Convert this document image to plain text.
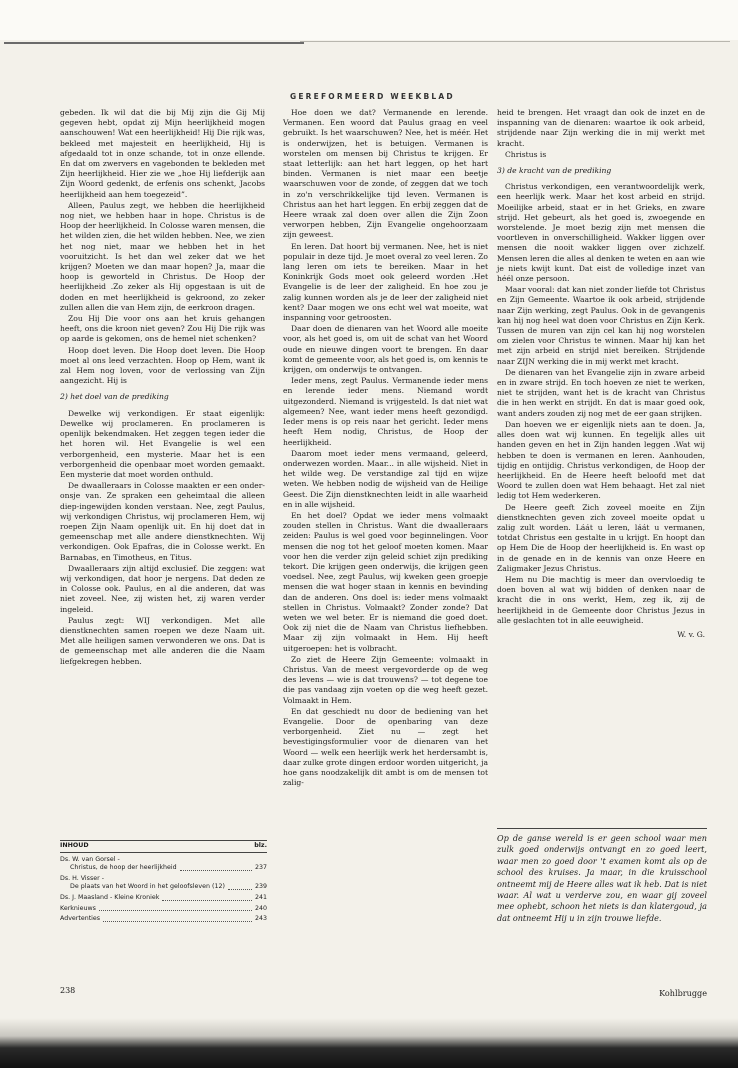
GEREFORMEERD WEEKBLAD

gebeden. Ik wil dat die bij Mij zijn die Gij Mij gegeven hebt, opdat zij Mijn heerlijkheid mogen aanschouwen! Wat een heerlijkheid! Hij Die rijk was, bekleed met majesteit en heerlijkheid, Hij is afgedaald tot in onze schande, tot in onze ellende. En dat om zwervers en vagebonden te bekleden met Zijn heerlijkheid. Hier zie we „hoe Hij liefderijk aan Zijn Woord gedenkt, de erfenis ons schenkt, Jacobs heerlijkheid aan hem toegezeid”.

Alleen, Paulus zegt, we hebben die heerlijkheid nog niet, we hebben haar in hope. Christus is de Hoop der heerlijkheid. In Colosse waren mensen, die het wilden zien, die het wilden hebben. Nee, we zien het nog niet, maar we hebben het in het vooruitzicht. Is het dan wel zeker dat we het krijgen? Moeten we dan maar hopen? Ja, maar die hoop is geworteld in Christus. De Hoop der heerlijkheid .Zo zeker als Hij opgestaan is uit de doden en met heerlijkheid is gekroond, zo zeker zullen allen die van Hem zijn, de eerkroon dragen.

Zou Hij Die voor ons aan het kruis gehangen heeft, ons die kroon niet geven? Zou Hij Die rijk was op aarde is gekomen, ons de hemel niet schenken?

Hoop doet leven. Die Hoop doet leven. Die Hoop moet al ons leed verzachten. Hoop op Hem, want ik zal Hem nog loven, voor de verlossing van Zijn aangezicht. Hij is

2) het doel van de prediking

Dewelke wij verkondigen. Er staat eigenlijk: Dewelke wij proclameren. En proclameren is openlijk bekendmaken. Het zeggen tegen ieder die het horen wil. Het Evangelie is wel een verborgenheid, een mysterie. Maar het is een verborgenheid die openbaar moet worden gemaakt. Een mysterie dat moet worden onthuld.

De dwaalleraars in Colosse maakten er een onder-onsje van. Ze spraken een geheimtaal die alleen diep-ingewijden konden verstaan. Nee, zegt Paulus, wij verkondigen Christus, wij proclameren Hem, wij roepen Zijn Naam openlijk uit. En hij doet dat in gemeenschap met alle andere dienstknechten. Wij verkondigen. Ook Epafras, die in Colosse werkt. En Barnabas, en Timotheus, en Titus.

Dwaalleraars zijn altijd exclusief. Die zeggen: wat wij verkondigen, dat hoor je nergens. Dat deden ze in Colosse ook. Paulus, en al die anderen, dat was niet zoveel. Nee, zij wisten het, zij waren verder ingeleid.

Paulus zegt: WIJ verkondigen. Met alle dienstknechten samen roepen we deze Naam uit. Met alle heiligen samen verwonderen we ons. Dat is de gemeenschap met alle anderen die die Naam liefgekregen hebben.

Hoe doen we dat? Vermanende en lerende. Vermanen. Een woord dat Paulus graag en veel gebruikt. Is het waarschuwen? Nee, het is méér. Het is onderwijzen, het is betuigen. Vermanen is worstelen om mensen bij Christus te krijgen. Er staat letterlijk: aan het hart leggen, op het hart binden. Vermanen is niet maar een beetje waarschuwen voor de zonde, of zeggen dat we toch in zo'n verschrikkelijke tijd leven. Vermanen is Christus aan het hart leggen. En erbij zeggen dat de Heere wraak zal doen over allen die Zijn Zoon verworpen hebben, Zijn Evangelie ongehoorzaam zijn geweest.

En leren. Dat hoort bij vermanen. Nee, het is niet populair in deze tijd. Je moet overal zo veel leren. Zo lang leren om iets te bereiken. Maar in het Koninkrijk Gods moet ook geleerd worden .Het Evangelie is de leer der zaligheid. En hoe zou je zalig kunnen worden als je de leer der zaligheid niet kent? Daar mogen we ons echt wel wat moeite, wat inspanning voor getroosten.

Daar doen de dienaren van het Woord alle moeite voor, als het goed is, om uit de schat van het Woord oude en nieuwe dingen voort te brengen. En daar komt de gemeente voor, als het goed is, om kennis te krijgen, om onderwijs te ontvangen.

Ieder mens, zegt Paulus. Vermanende ieder mens en lerende ieder mens. Niemand wordt uitgezonderd. Niemand is vrijgesteld. Is dat niet wat algemeen? Nee, want ieder mens heeft gezondigd. Ieder mens is op reis naar het gericht. Ieder mens heeft Hem nodig, Christus, de Hoop der heerlijkheid.

Daarom moet ieder mens vermaand, geleerd, onderwezen worden. Maar... in alle wijsheid. Niet in het wilde weg. De verstandige zal tijd en wijze weten. We hebben nodig de wijsheid van de Heilige Geest. Die Zijn dienstknechten leidt in alle waarheid en in alle wijsheid.

En het doel? Opdat we ieder mens volmaakt zouden stellen in Christus. Want die dwaalleraars zeiden: Paulus is wel goed voor beginnelingen. Voor mensen die nog tot het geloof moeten komen. Maar voor hen die verder zijn geleid schiet zijn prediking tekort. Die krijgen geen onderwijs, die krijgen geen voedsel. Nee, zegt Paulus, wij kweken geen groepje mensen die wat hoger staan in kennis en bevinding dan de anderen. Ons doel is: ieder mens volmaakt stellen in Christus. Volmaakt? Zonder zonde? Dat weten we wel beter. Er is niemand die goed doet. Ook zij niet die de Naam van Christus liefhebben. Maar zij zijn volmaakt in Hem. Hij heeft uitgeroepen: het is volbracht.

Zo ziet de Heere Zijn Gemeente: volmaakt in Christus. Van de meest vergevorderde op de weg des levens — wie is dat trouwens? — tot degene toe die pas vandaag zijn voeten op die weg heeft gezet. Volmaakt in Hem.

En dat geschiedt nu door de bediening van het Evangelie. Door de openbaring van deze verborgenheid. Ziet nu — zegt het bevestigingsformulier voor de dienaren van het Woord — welk een heerlijk werk het herdersambt is, daar zulke grote dingen erdoor worden uitgericht, ja hoe gans noodzakelijk dit ambt is om de mensen tot zalig-

heid te brengen. Het vraagt dan ook de inzet en de inspanning van de dienaren: waartoe ik ook arbeid, strijdende naar Zijn werking die in mij werkt met kracht.

Christus is

3) de kracht van de prediking

Christus verkondigen, een verantwoordelijk werk, een heerlijk werk. Maar het kost arbeid en strijd. Moeilijke arbeid, staat er in het Grieks, en zware strijd. Het gebeurt, als het goed is, zwoegende en worstelende. Je moet bezig zijn met mensen die voortleven in onverschilligheid. Wakker liggen over mensen die nooit wakker liggen over zichzelf. Mensen leren die alles al denken te weten en aan wie je niets kwijt kunt. Dat eist de volledige inzet van héél onze persoon.

Maar vooral: dat kan niet zonder liefde tot Christus en Zijn Gemeente. Waartoe ik ook arbeid, strijdende naar Zijn werking, zegt Paulus. Ook in de gevangenis kan hij nog heel wat doen voor Christus en Zijn Kerk. Tussen de muren van zijn cel kan hij nog worstelen om zielen voor Christus te winnen. Maar hij kan het met zijn arbeid en strijd niet bereiken. Strijdende naar ZIJN werking die in mij werkt met kracht.

De dienaren van het Evangelie zijn in zware arbeid en in zware strijd. En toch hoeven ze niet te werken, niet te strijden, want het is de kracht van Christus die in hen werkt en strijdt. En dat is maar goed ook, want anders zouden zij nog met de eer gaan strijken.

Dan hoeven we er eigenlijk niets aan te doen. Ja, alles doen wat wij kunnen. En tegelijk alles uit handen geven en het in Zijn handen leggen .Wat wij hebben te doen is vermanen en leren. Aanhouden, tijdig en ontijdig. Christus verkondigen, de Hoop der heerlijkheid. En de Heere heeft beloofd met dat Woord te zullen doen wat Hem behaagt. Het zal niet ledig tot Hem wederkeren.

De Heere geeft Zich zoveel moeite en Zijn dienstknechten geven zich zoveel moeite opdat u zalig zult worden. Láát u leren, láát u vermanen, totdat Christus een gestalte in u krijgt. En hoopt dan op Hem Die de Hoop der heerlijkheid is. En wast op in de genade en in de kennis van onze Heere en Zaligmaker Jezus Christus.

Hem nu Die machtig is meer dan overvloedig te doen boven al wat wij bidden of denken naar de kracht die in ons werkt, Hem, zeg ik, zij de heerlijkheid in de Gemeente door Christus Jezus in alle geslachten tot in alle eeuwigheid.

W. v. G.
INHOUD	blz.
Ds. W. van Gorsel -
Christus, de hoop der heerlijkheid	237
Ds. H. Visser -
De plaats van het Woord in het geloofsleven (12)	239
Ds. J. Maasland - Kleine Kroniek	241
Kerknieuws	240
Advertenties	243
238
Op de ganse wereld is er geen school waar men zulk goed onderwijs ontvangt en zo goed leert, waar men zo goed door 't examen komt als op de school des kruises. Ja maar, in die kruisschool ontneemt mij de Heere alles wat ik heb. Dat is niet waar. Al wat u verderve zou, en waar gij zoveel mee ophebt, schoon het niets is dan klatergoud, ja dat ontneemt Hij u in zijn trouwe liefde.
Kohlbrugge
